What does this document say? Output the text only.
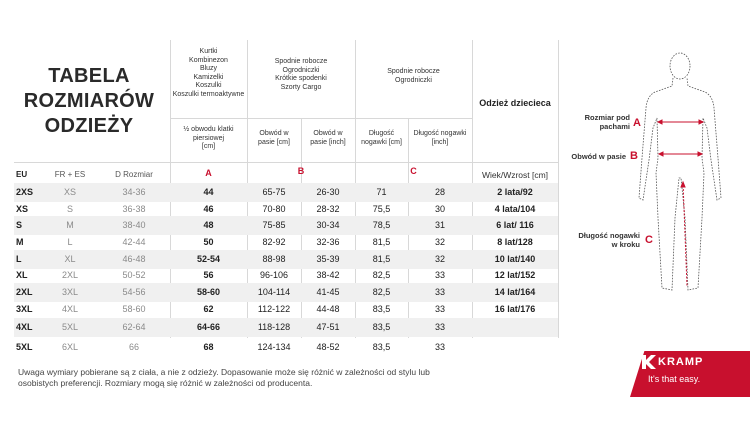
TABELA
ROZMIARÓW
ODZIEŻY
Kurtki
Kombinezon
Bluzy
Kamizelki
Koszulki
Koszulki termoaktywne
Spodnie robocze
Ogrodniczki
Krótkie spodenki
Szorty Cargo
Spodnie robocze
Ogrodniczki
Odzież dziecieca
½ obwodu klatki
piersiowej
[cm]
Obwód w
pasie [cm]
Obwód w
pasie [inch]
Długość
nogawki [cm]
Długość nogawki
[inch]
A	B	C
EU	FR + ES	D Rozmiar	Wiek/Wzrost [cm]
2XS	XS	34-36	44	65-75	26-30	71	28	2 lata/92
XS	S	36-38	46	70-80	28-32	75,5	30	4 lata/104
S	M	38-40	48	75-85	30-34	78,5	31	6 lat/ 116
M	L	42-44	50	82-92	32-36	81,5	32	8 lat/128
L	XL	46-48	52-54	88-98	35-39	81,5	32	10 lat/140
XL	2XL	50-52	56	96-106	38-42	82,5	33	12 lat/152
2XL	3XL	54-56	58-60	104-114	41-45	82,5	33	14 lat/164
3XL	4XL	58-60	62	112-122	44-48	83,5	33	16 lat/176
4XL	5XL	62-64	64-66	118-128	47-51	83,5	33
5XL	6XL	66	68	124-134	48-52	83,5	33
Uwaga wymiary pobierane są z ciała, a nie z odzieży. Dopasowanie może się różnić w zależności od stylu lub
osobistych preferencji. Rozmiary mogą się różnić w zależności od producenta.
Rozmiar pod
pachami A
Obwód w pasie B
Długość nogawki
w kroku C
KRAMP
It's that easy.
